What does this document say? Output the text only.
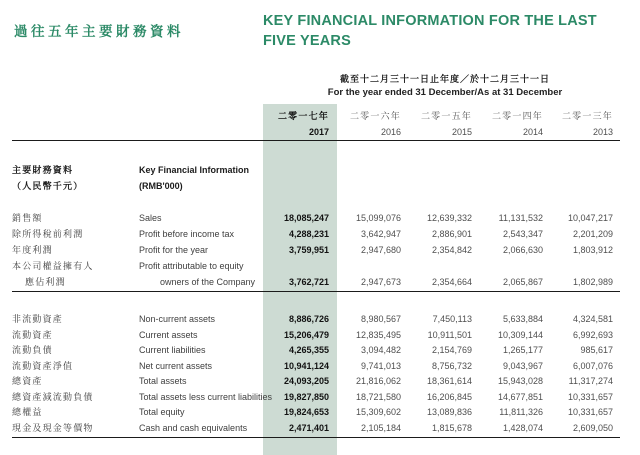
過往五年主要財務資料
KEY FINANCIAL INFORMATION FOR THE LAST FIVE YEARS
截至十二月三十一日止年度／於十二月三十一日
For the year ended 31 December/As at 31 December
二零一七年	二零一六年	二零一五年	二零一四年	二零一三年
2017	2016	2015	2014	2013
主要財務資料	Key Financial Information
（人民幣千元）	(RMB'000)
銷售額	Sales	18,085,247	15,099,076	12,639,332	11,131,532	10,047,217
除所得稅前利潤	Profit before income tax	4,288,231	3,642,947	2,886,901	2,543,347	2,201,209
年度利潤	Profit for the year	3,759,951	2,947,680	2,354,842	2,066,630	1,803,912
本公司權益擁有人	Profit attributable to equity
應佔利潤	owners of the Company	3,762,721	2,947,673	2,354,664	2,065,867	1,802,989
非流動資產	Non-current assets	8,886,726	8,980,567	7,450,113	5,633,884	4,324,581
流動資產	Current assets	15,206,479	12,835,495	10,911,501	10,309,144	6,992,693
流動負債	Current liabilities	4,265,355	3,094,482	2,154,769	1,265,177	985,617
流動資產淨值	Net current assets	10,941,124	9,741,013	8,756,732	9,043,967	6,007,076
總資產	Total assets	24,093,205	21,816,062	18,361,614	15,943,028	11,317,274
總資產減流動負債	Total assets less current liabilities	19,827,850	18,721,580	16,206,845	14,677,851	10,331,657
總權益	Total equity	19,824,653	15,309,602	13,089,836	11,811,326	10,331,657
現金及現金等價物	Cash and cash equivalents	2,471,401	2,105,184	1,815,678	1,428,074	2,609,050
